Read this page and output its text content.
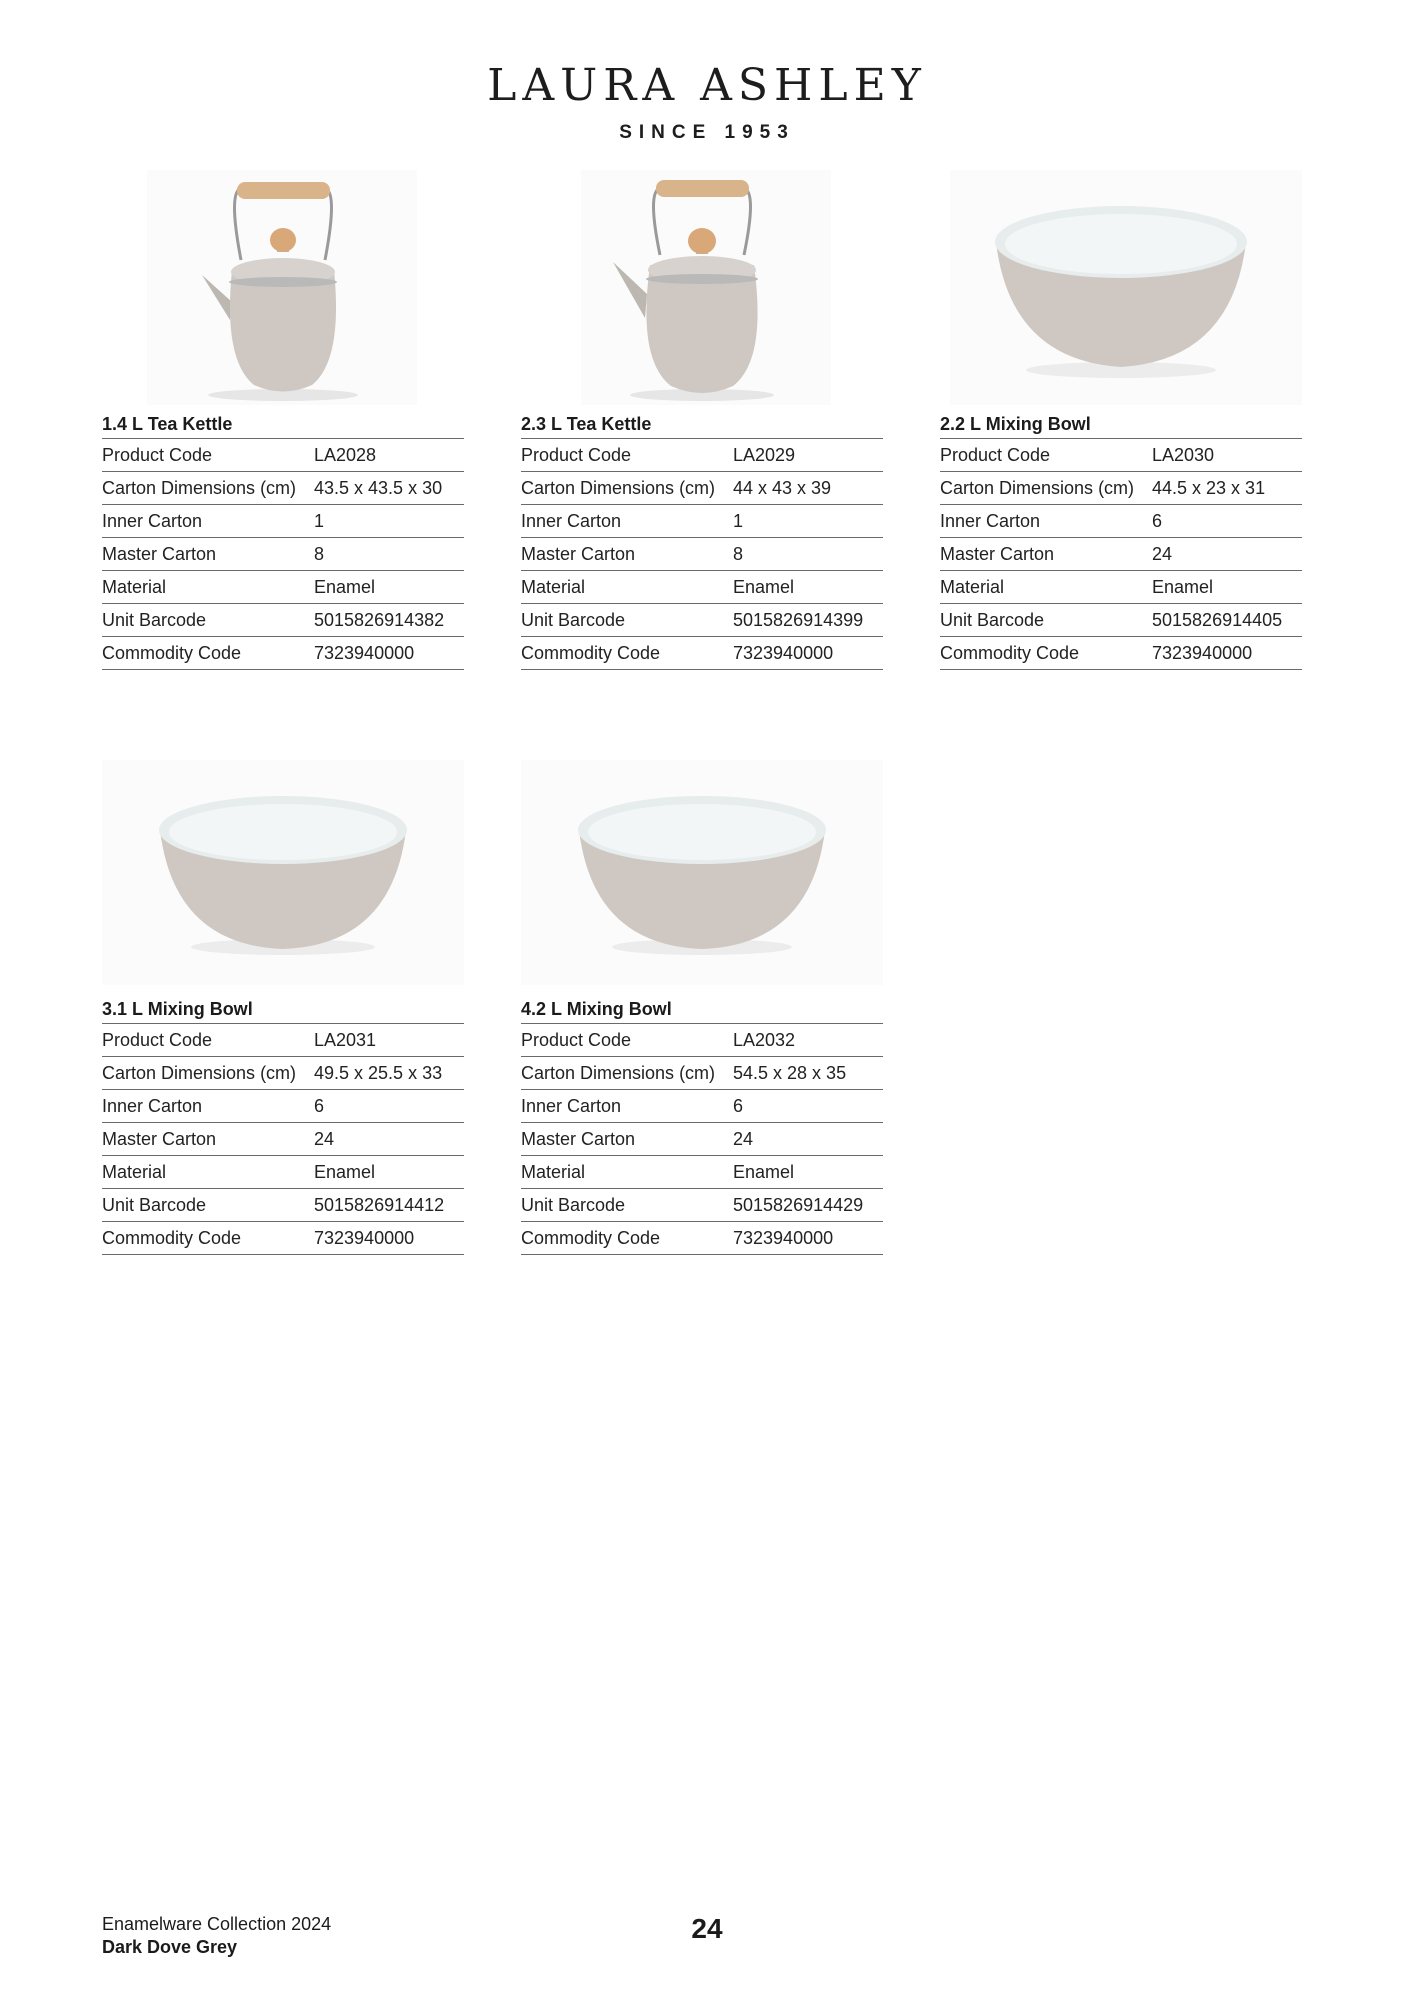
LAURA ASHLEY
SINCE 1953
1.4 L Tea Kettle
Product Code	LA2028
Carton Dimensions (cm)	43.5 x 43.5 x 30
Inner Carton	1
Master Carton	8
Material	Enamel
Unit Barcode	5015826914382
Commodity Code	7323940000
2.3 L Tea Kettle
Product Code	LA2029
Carton Dimensions (cm)	44 x 43 x 39
Inner Carton	1
Master Carton	8
Material	Enamel
Unit Barcode	5015826914399
Commodity Code	7323940000
2.2 L Mixing Bowl
Product Code	LA2030
Carton Dimensions (cm)	44.5 x 23 x 31
Inner Carton	6
Master Carton	24
Material	Enamel
Unit Barcode	5015826914405
Commodity Code	7323940000
3.1 L Mixing Bowl
Product Code	LA2031
Carton Dimensions (cm)	49.5 x 25.5 x 33
Inner Carton	6
Master Carton	24
Material	Enamel
Unit Barcode	5015826914412
Commodity Code	7323940000
4.2 L Mixing Bowl
Product Code	LA2032
Carton Dimensions (cm)	54.5 x 28 x 35
Inner Carton	6
Master Carton	24
Material	Enamel
Unit Barcode	5015826914429
Commodity Code	7323940000
Enamelware Collection 2024
Dark Dove Grey
24
